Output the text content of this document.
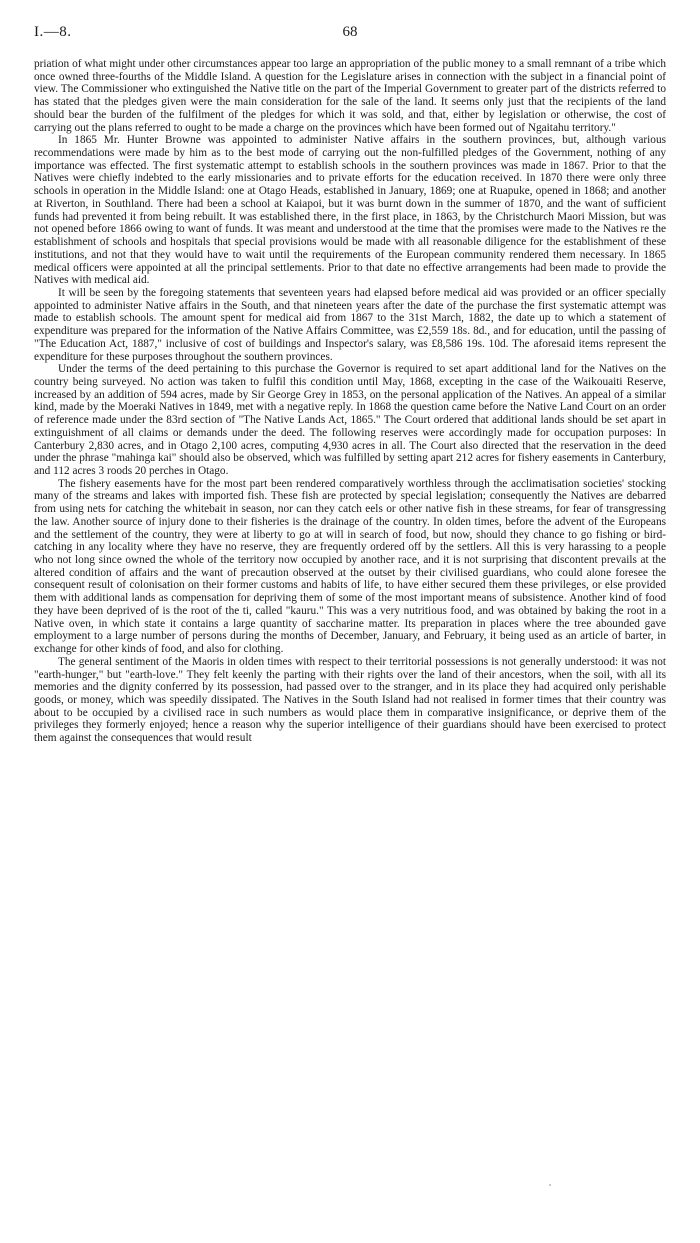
I.—8.	68

priation of what might under other circumstances appear too large an appropriation of the public money to a small remnant of a tribe which once owned three-fourths of the Middle Island. A question for the Legislature arises in connection with the subject in a financial point of view. The Commissioner who extinguished the Native title on the part of the Imperial Government to greater part of the districts referred to has stated that the pledges given were the main consideration for the sale of the land. It seems only just that the recipients of the land should bear the burden of the fulfilment of the pledges for which it was sold, and that, either by legislation or otherwise, the cost of carrying out the plans referred to ought to be made a charge on the provinces which have been formed out of Ngaitahu territory."

In 1865 Mr. Hunter Browne was appointed to administer Native affairs in the southern provinces, but, although various recommendations were made by him as to the best mode of carrying out the non-fulfilled pledges of the Government, nothing of any importance was effected. The first systematic attempt to establish schools in the southern provinces was made in 1867. Prior to that the Natives were chiefly indebted to the early missionaries and to private efforts for the education received. In 1870 there were only three schools in operation in the Middle Island: one at Otago Heads, established in January, 1869; one at Ruapuke, opened in 1868; and another at Riverton, in Southland. There had been a school at Kaiapoi, but it was burnt down in the summer of 1870, and the want of sufficient funds had prevented it from being rebuilt. It was established there, in the first place, in 1863, by the Christchurch Maori Mission, but was not opened before 1866 owing to want of funds. It was meant and understood at the time that the promises were made to the Natives re the establishment of schools and hospitals that special provisions would be made with all reasonable diligence for the establishment of these institutions, and not that they would have to wait until the requirements of the European community rendered them necessary. In 1865 medical officers were appointed at all the principal settlements. Prior to that date no effective arrangements had been made to provide the Natives with medical aid.

It will be seen by the foregoing statements that seventeen years had elapsed before medical aid was provided or an officer specially appointed to administer Native affairs in the South, and that nineteen years after the date of the purchase the first systematic attempt was made to establish schools. The amount spent for medical aid from 1867 to the 31st March, 1882, the date up to which a statement of expenditure was prepared for the information of the Native Affairs Committee, was £2,559 18s. 8d., and for education, until the passing of "The Education Act, 1887," inclusive of cost of buildings and Inspector's salary, was £8,586 19s. 10d. The aforesaid items represent the expenditure for these purposes throughout the southern provinces.

Under the terms of the deed pertaining to this purchase the Governor is required to set apart additional land for the Natives on the country being surveyed. No action was taken to fulfil this condition until May, 1868, excepting in the case of the Waikouaiti Reserve, increased by an addition of 594 acres, made by Sir George Grey in 1853, on the personal application of the Natives. An appeal of a similar kind, made by the Moeraki Natives in 1849, met with a negative reply. In 1868 the question came before the Native Land Court on an order of reference made under the 83rd section of "The Native Lands Act, 1865." The Court ordered that additional lands should be set apart in extinguishment of all claims or demands under the deed. The following reserves were accordingly made for occupation purposes: In Canterbury 2,830 acres, and in Otago 2,100 acres, computing 4,930 acres in all. The Court also directed that the reservation in the deed under the phrase "mahinga kai" should also be observed, which was fulfilled by setting apart 212 acres for fishery easements in Canterbury, and 112 acres 3 roods 20 perches in Otago.

The fishery easements have for the most part been rendered comparatively worthless through the acclimatisation societies' stocking many of the streams and lakes with imported fish. These fish are protected by special legislation; consequently the Natives are debarred from using nets for catching the whitebait in season, nor can they catch eels or other native fish in these streams, for fear of transgressing the law. Another source of injury done to their fisheries is the drainage of the country. In olden times, before the advent of the Europeans and the settlement of the country, they were at liberty to go at will in search of food, but now, should they chance to go fishing or bird-catching in any locality where they have no reserve, they are frequently ordered off by the settlers. All this is very harassing to a people who not long since owned the whole of the territory now occupied by another race, and it is not surprising that discontent prevails at the altered condition of affairs and the want of precaution observed at the outset by their civilised guardians, who could alone foresee the consequent result of colonisation on their former customs and habits of life, to have either secured them these privileges, or else provided them with additional lands as compensation for depriving them of some of the most important means of subsistence. Another kind of food they have been deprived of is the root of the ti, called "kauru." This was a very nutritious food, and was obtained by baking the root in a Native oven, in which state it contains a large quantity of saccharine matter. Its preparation in places where the tree abounded gave employment to a large number of persons during the months of December, January, and February, it being used as an article of barter, in exchange for other kinds of food, and also for clothing.

The general sentiment of the Maoris in olden times with respect to their territorial possessions is not generally understood: it was not "earth-hunger," but "earth-love." They felt keenly the parting with their rights over the land of their ancestors, when the soil, with all its memories and the dignity conferred by its possession, had passed over to the stranger, and in its place they had acquired only perishable goods, or money, which was speedily dissipated. The Natives in the South Island had not realised in former times that their country was about to be occupied by a civilised race in such numbers as would place them in comparative insignificance, or deprive them of the privileges they formerly enjoyed; hence a reason why the superior intelligence of their guardians should have been exercised to protect them against the consequences that would result
